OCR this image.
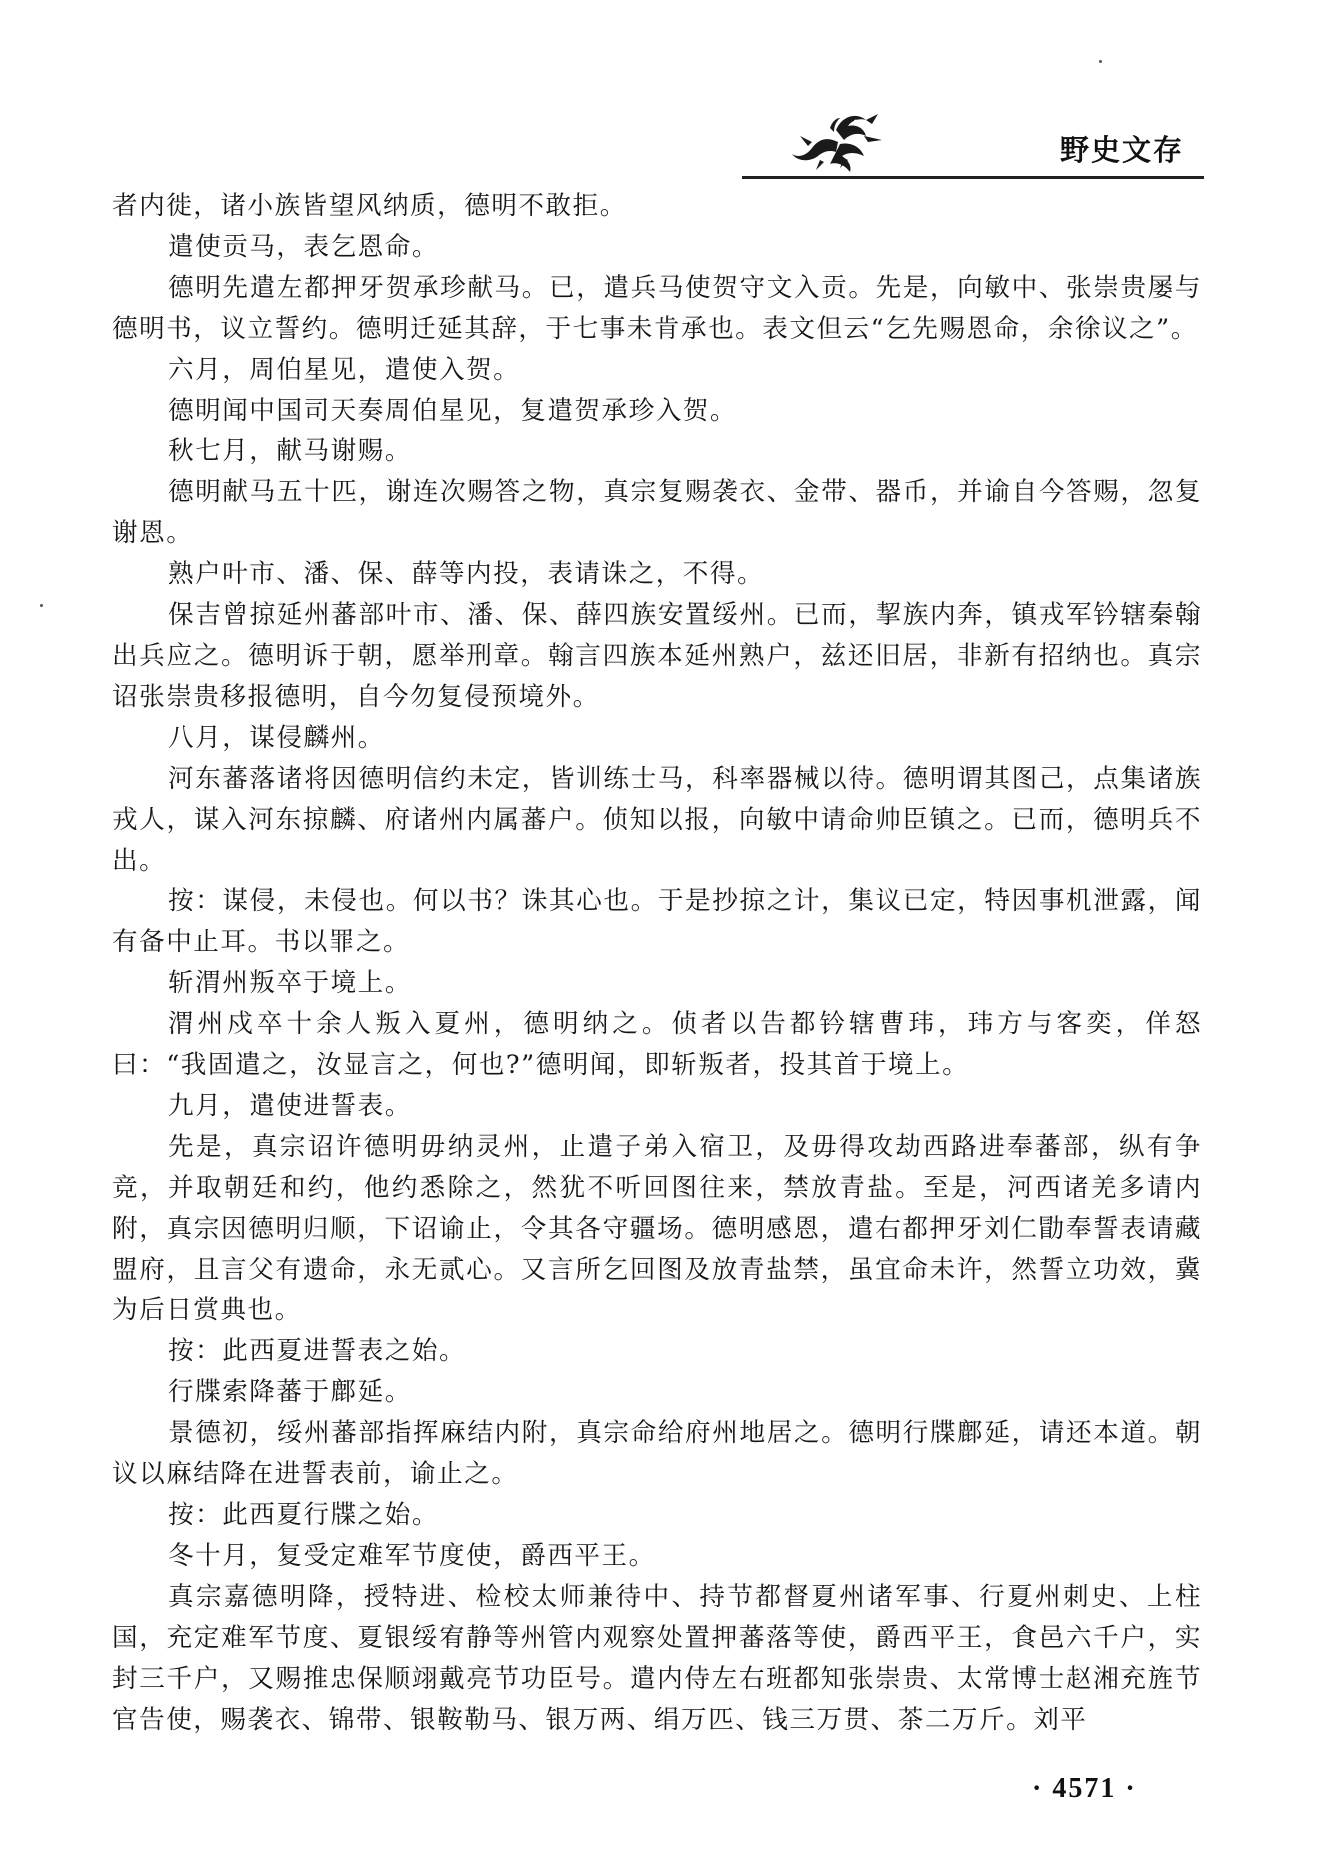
野史文存

者内徙，诸小族皆望风纳质，德明不敢拒。

遣使贡马，表乞恩命。

德明先遣左都押牙贺承珍献马。已，遣兵马使贺守文入贡。先是，向敏中、张崇贵屡与德明书，议立誓约。德明迁延其辞，于七事未肯承也。表文但云“乞先赐恩命，余徐议之”。

六月，周伯星见，遣使入贺。

德明闻中国司天奏周伯星见，复遣贺承珍入贺。

秋七月，献马谢赐。

德明献马五十匹，谢连次赐答之物，真宗复赐袭衣、金带、器币，并谕自今答赐，忽复谢恩。

熟户叶市、潘、保、薛等内投，表请诛之，不得。

保吉曾掠延州蕃部叶市、潘、保、薛四族安置绥州。已而，挈族内奔，镇戎军钤辖秦翰出兵应之。德明诉于朝，愿举刑章。翰言四族本延州熟户，兹还旧居，非新有招纳也。真宗诏张崇贵移报德明，自今勿复侵预境外。

八月，谋侵麟州。

河东蕃落诸将因德明信约未定，皆训练士马，科率器械以待。德明谓其图己，点集诸族戎人，谋入河东掠麟、府诸州内属蕃户。侦知以报，向敏中请命帅臣镇之。已而，德明兵不出。

按：谋侵，未侵也。何以书？诛其心也。于是抄掠之计，集议已定，特因事机泄露，闻有备中止耳。书以罪之。

斩渭州叛卒于境上。

渭州戍卒十余人叛入夏州，德明纳之。侦者以告都钤辖曹玮，玮方与客奕，佯怒曰：“我固遣之，汝显言之，何也?”德明闻，即斩叛者，投其首于境上。

九月，遣使进誓表。

先是，真宗诏许德明毋纳灵州，止遣子弟入宿卫，及毋得攻劫西路进奉蕃部，纵有争竞，并取朝廷和约，他约悉除之，然犹不听回图往来，禁放青盐。至是，河西诸羌多请内附，真宗因德明归顺，下诏谕止，令其各守疆场。德明感恩，遣右都押牙刘仁勖奉誓表请藏盟府，且言父有遗命，永无贰心。又言所乞回图及放青盐禁，虽宜命未许，然誓立功效，冀为后日赏典也。

按：此西夏进誓表之始。

行牒索降蕃于鄜延。

景德初，绥州蕃部指挥麻结内附，真宗命给府州地居之。德明行牒鄜延，请还本道。朝议以麻结降在进誓表前，谕止之。

按：此西夏行牒之始。

冬十月，复受定难军节度使，爵西平王。

真宗嘉德明降，授特进、检校太师兼待中、持节都督夏州诸军事、行夏州刺史、上柱国，充定难军节度、夏银绥宥静等州管内观察处置押蕃落等使，爵西平王，食邑六千户，实封三千户，又赐推忠保顺翊戴亮节功臣号。遣内侍左右班都知张崇贵、太常博士赵湘充旌节官告使，赐袭衣、锦带、银鞍勒马、银万两、绢万匹、钱三万贯、茶二万斤。刘平

· 4571 ·
